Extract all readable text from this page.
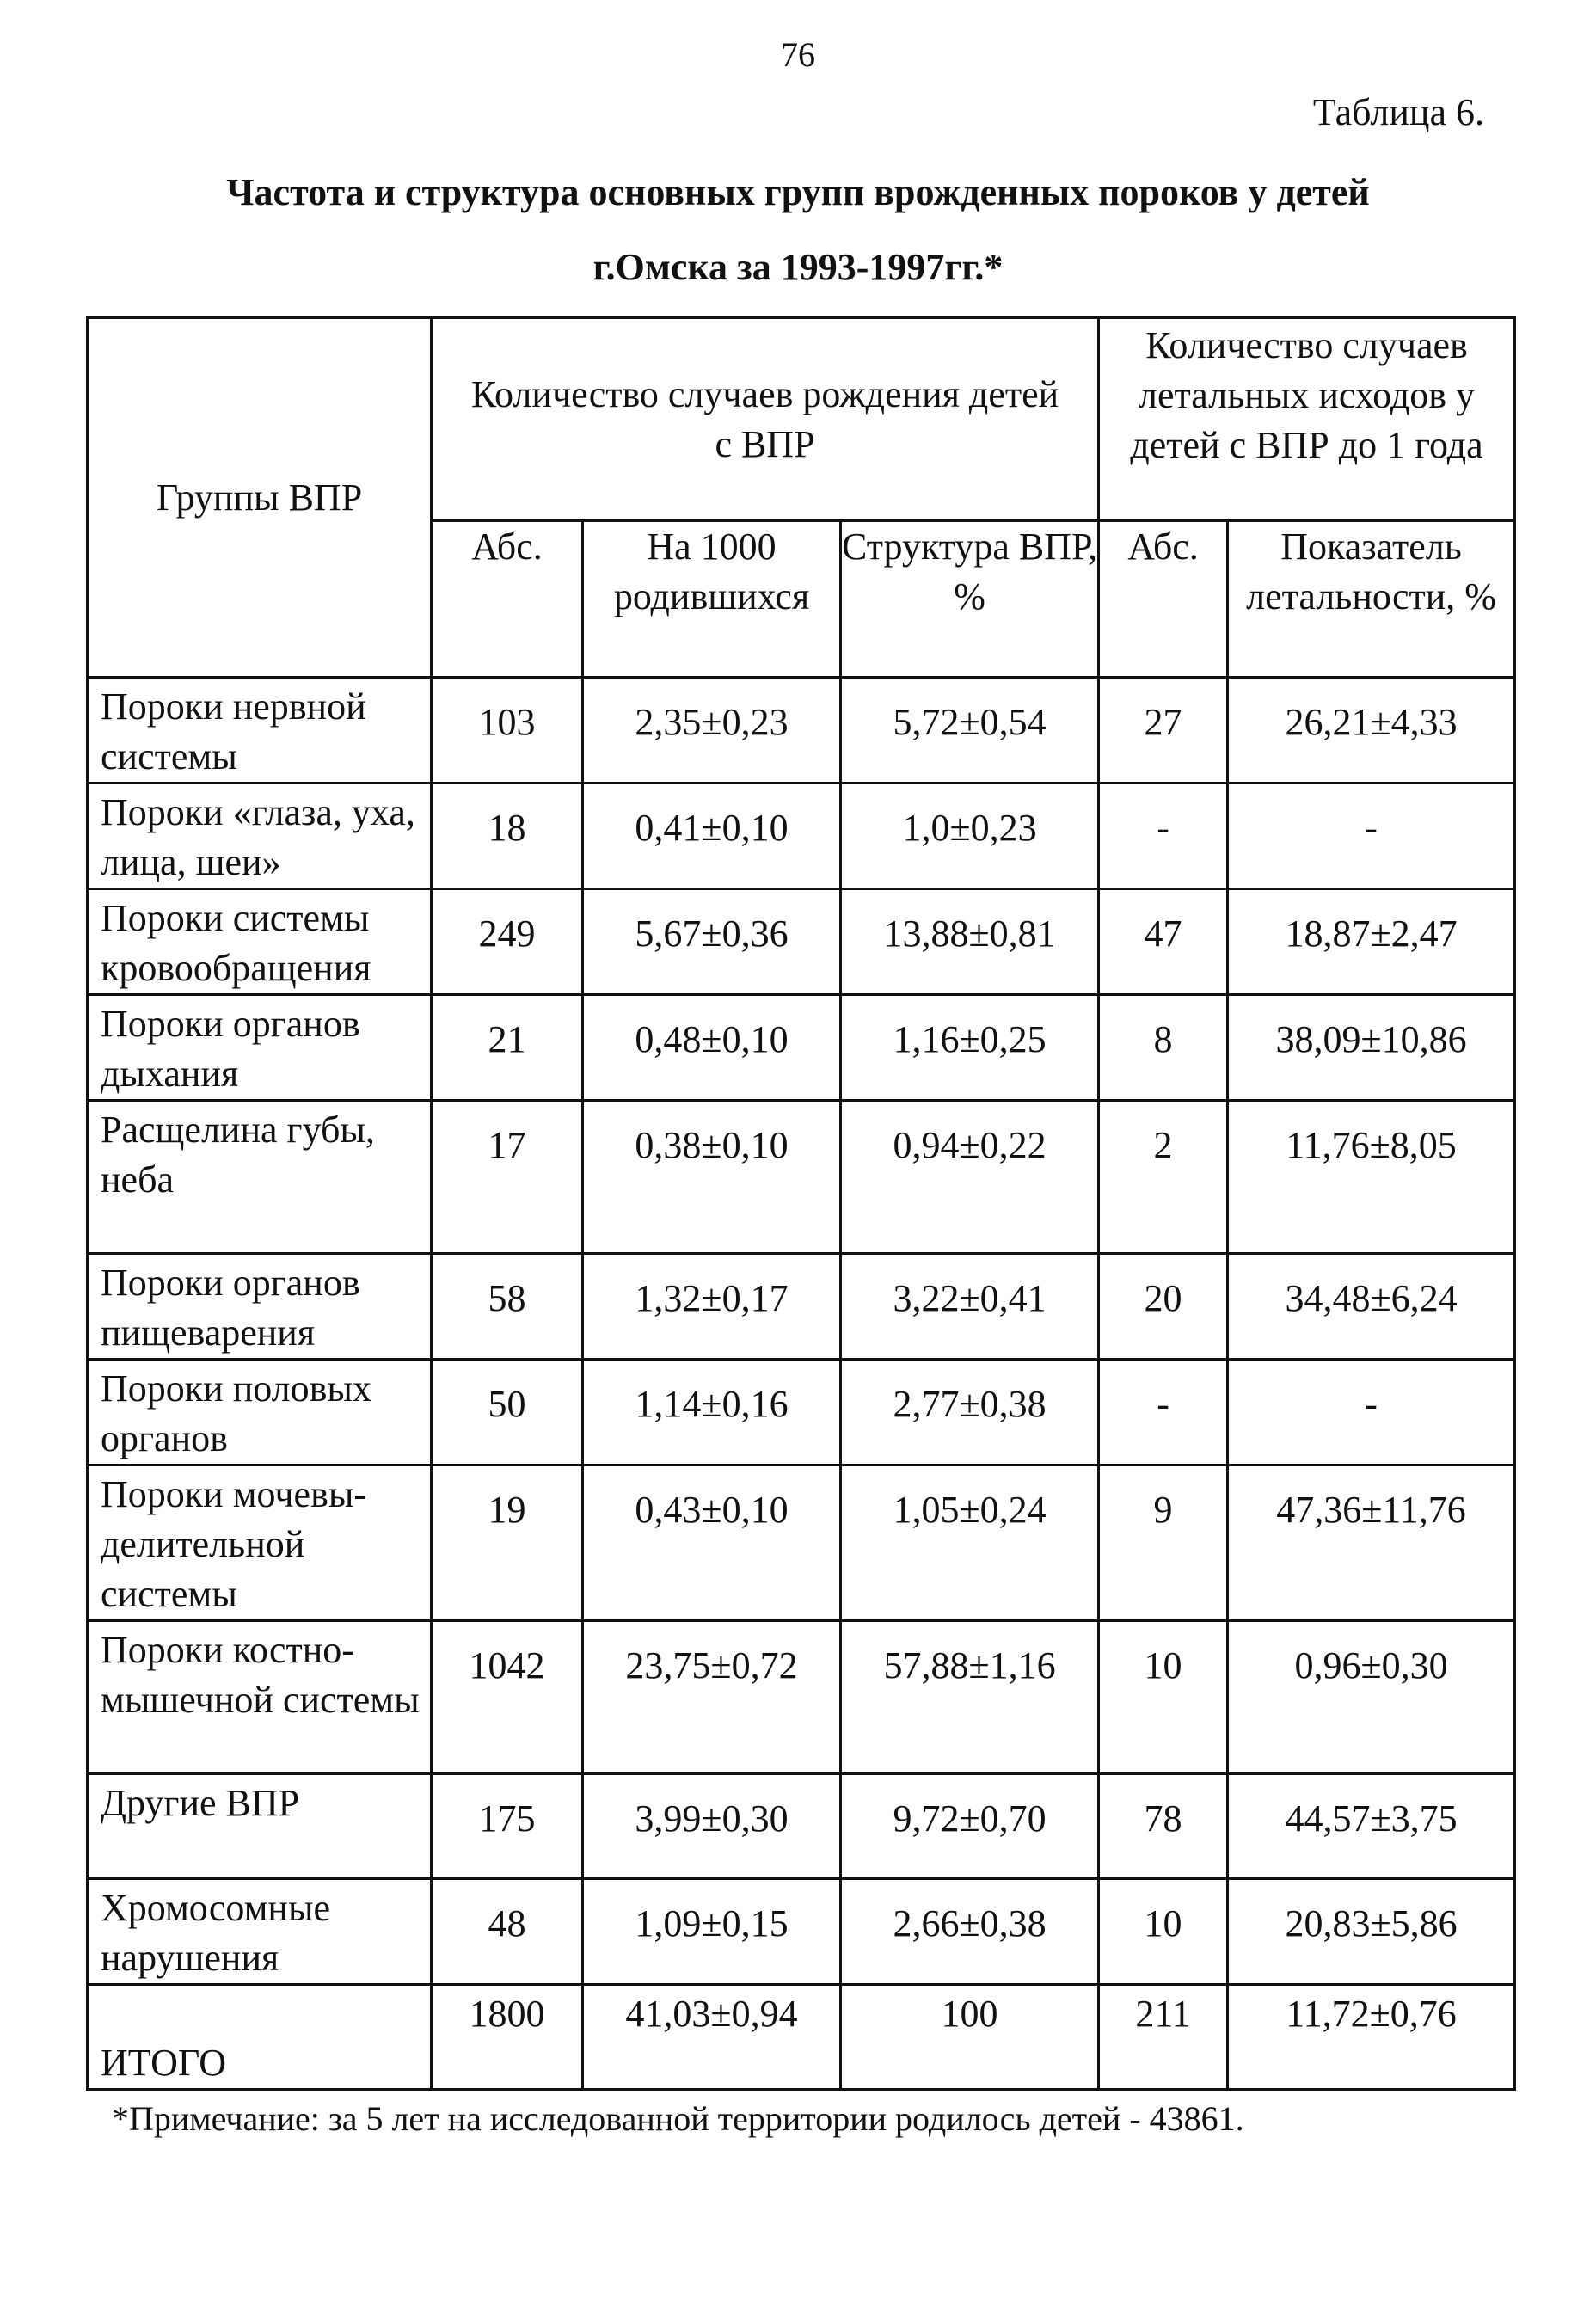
76
Таблица 6.
Частота и структура основных групп врожденных пороков у детей
г.Омска за 1993-1997гг.*
Группы ВПР	Количество случаев рождения детей с ВПР			Количество случаев летальных исходов у детей с ВПР до 1 года	
	Абс.	На 1000 родившихся	Структура ВПР, %	Абс.	Показатель летальности, %
Пороки нервной системы	103	2,35±0,23	5,72±0,54	27	26,21±4,33
Пороки «глаза, уха, лица, шеи»	18	0,41±0,10	1,0±0,23	-	-
Пороки системы кровообращения	249	5,67±0,36	13,88±0,81	47	18,87±2,47
Пороки органов дыхания	21	0,48±0,10	1,16±0,25	8	38,09±10,86
Расщелина губы, неба	17	0,38±0,10	0,94±0,22	2	11,76±8,05
Пороки органов пищеварения	58	1,32±0,17	3,22±0,41	20	34,48±6,24
Пороки половых органов	50	1,14±0,16	2,77±0,38	-	-
Пороки мочевы-делительной системы	19	0,43±0,10	1,05±0,24	9	47,36±11,76
Пороки костно-мышечной системы	1042	23,75±0,72	57,88±1,16	10	0,96±0,30
Другие ВПР	175	3,99±0,30	9,72±0,70	78	44,57±3,75
Хромосомные нарушения	48	1,09±0,15	2,66±0,38	10	20,83±5,86
ИТОГО	1800	41,03±0,94	100	211	11,72±0,76
*Примечание: за 5 лет на исследованной территории родилось детей - 43861.
